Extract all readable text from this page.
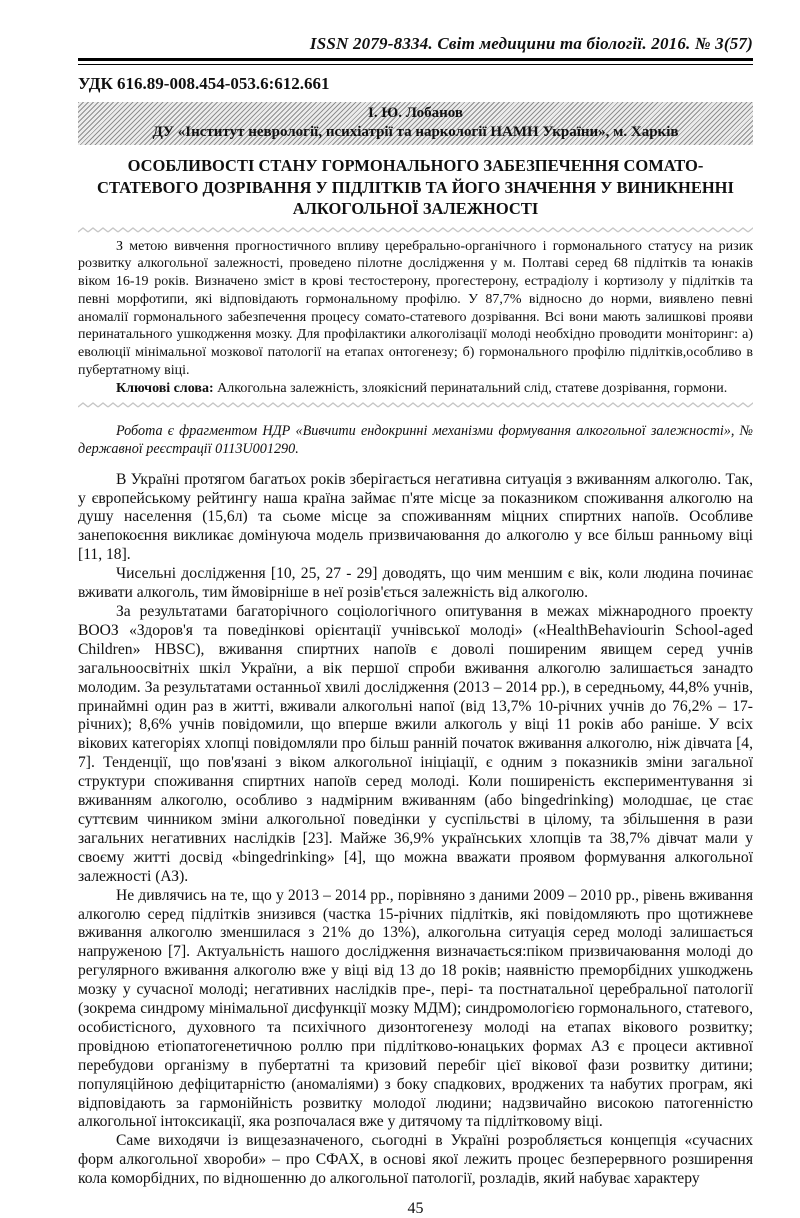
ISSN 2079-8334. Світ медицини та біології. 2016. № 3(57)
УДК 616.89-008.454-053.6:612.661
І. Ю. Лобанов
ДУ «Інститут неврології, психіатрії та наркології НАМН України», м. Харків
ОСОБЛИВОСТІ СТАНУ ГОРМОНАЛЬНОГО ЗАБЕЗПЕЧЕННЯ СОМАТО-СТАТЕВОГО ДОЗРІВАННЯ У ПІДЛІТКІВ ТА ЙОГО ЗНАЧЕННЯ У ВИНИКНЕННІ АЛКОГОЛЬНОЇ ЗАЛЕЖНОСТІ

З метою вивчення прогностичного впливу церебрально-органічного і гормонального статусу на ризик розвитку алкогольної залежності, проведено пілотне дослідження у м. Полтаві серед 68 підлітків та юнаків віком 16-19 років. Визначено зміст в крові тестостерону, прогестерону, естрадіолу і кортизолу у підлітків та певні морфотипи, які відповідають гормональному профілю. У 87,7% відносно до норми, виявлено певні аномалії гормонального забезпечення процесу сомато-статевого дозрівання. Всі вони мають залишкові прояви перинатального ушкодження мозку. Для профілактики алкоголізації молоді необхідно проводити моніторинг: а) еволюції мінімальної мозкової патології на етапах онтогенезу; б) гормонального профілю підлітків,особливо в пубертатному віці.

Ключові слова: Алкогольна залежність, злоякісний перинатальний слід, статеве дозрівання, гормони.

Робота є фрагментом НДР «Вивчити ендокринні механізми формування алкогольної залежності», № державної реєстрації 0113U001290.

В Україні протягом багатьох років зберігається негативна ситуація з вживанням алкоголю. Так, у європейському рейтингу наша країна займає п'яте місце за показником споживання алкоголю на душу населення (15,6л) та сьоме місце за споживанням міцних спиртних напоїв. Особливе занепокоєння викликає домінуюча модель призвичаювання до алкоголю у все більш ранньому віці [11, 18].

Чисельні дослідження [10, 25, 27 - 29] доводять, що чим меншим є вік, коли людина починає вживати алкоголь, тим ймовірніше в неї розів'ється залежність від алкоголю.

За результатами багаторічного соціологічного опитування в межах міжнародного проекту ВООЗ «Здоров'я та поведінкові орієнтації учнівської молоді» («HealthBehaviourin School-aged Children» HBSC), вживання спиртних напоїв є доволі поширеним явищем серед учнів загальноосвітніх шкіл України, а вік першої спроби вживання алкоголю залишається занадто молодим. За результатами останньої хвилі дослідження (2013 – 2014 рр.), в середньому, 44,8% учнів, принаймні один раз в житті, вживали алкогольні напої (від 13,7% 10-річних учнів до 76,2% – 17-річних); 8,6% учнів повідомили, що вперше вжили алкоголь у віці 11 років або раніше. У всіх вікових категоріях хлопці повідомляли про більш ранній початок вживання алкоголю, ніж дівчата [4, 7]. Тенденції, що пов'язані з віком алкогольної ініціації, є одним з показників зміни загальної структури споживання спиртних напоїв серед молоді. Коли поширеність експериментування зі вживанням алкоголю, особливо з надмірним вживанням (або bingedrinking) молодшає, це стає суттєвим чинником зміни алкогольної поведінки у суспільстві в цілому, та збільшення в рази загальних негативних наслідків [23]. Майже 36,9% українських хлопців та 38,7% дівчат мали у своєму житті досвід «bingedrinking» [4], що можна вважати проявом формування алкогольної залежності (АЗ).

Не дивлячись на те, що у 2013 – 2014 рр., порівняно з даними 2009 – 2010 рр., рівень вживання алкоголю серед підлітків знизився (частка 15-річних підлітків, які повідомляють про щотижневе вживання алкоголю зменшилася з 21% до 13%), алкогольна ситуація серед молоді залишається напруженою [7]. Актуальність нашого дослідження визначається:піком призвичаювання молоді до регулярного вживання алкоголю вже у віці від 13 до 18 років; наявністю преморбідних ушкоджень мозку у сучасної молоді; негативних наслідків пре-, пері- та постнатальної церебральної патології (зокрема синдрому мінімальної дисфункції мозку МДМ); синдромологією гормонального, статевого, особистісного, духовного та психічного дизонтогенезу молоді на етапах вікового розвитку; провідною етіопатогенетичною роллю при підлітково-юнацьких формах АЗ є процеси активної перебудови організму в пубертатні та кризовий перебіг цієї вікової фази розвитку дитини; популяційною дефіцитарністю (аномаліями) з боку спадкових, вроджених та набутих програм, які відповідають за гармонійність розвитку молодої людини; надзвичайно високою патогенністю алкогольної інтоксикації, яка розпочалася вже у дитячому та підлітковому віці.

Саме виходячи із вищезазначеного, сьогодні в Україні розробляється концепція «сучасних форм алкогольної хвороби» – про СФАХ, в основі якої лежить процес безперервного розширення кола коморбідних, по відношенню до алкогольної патології, розладів, який набуває характеру

45
